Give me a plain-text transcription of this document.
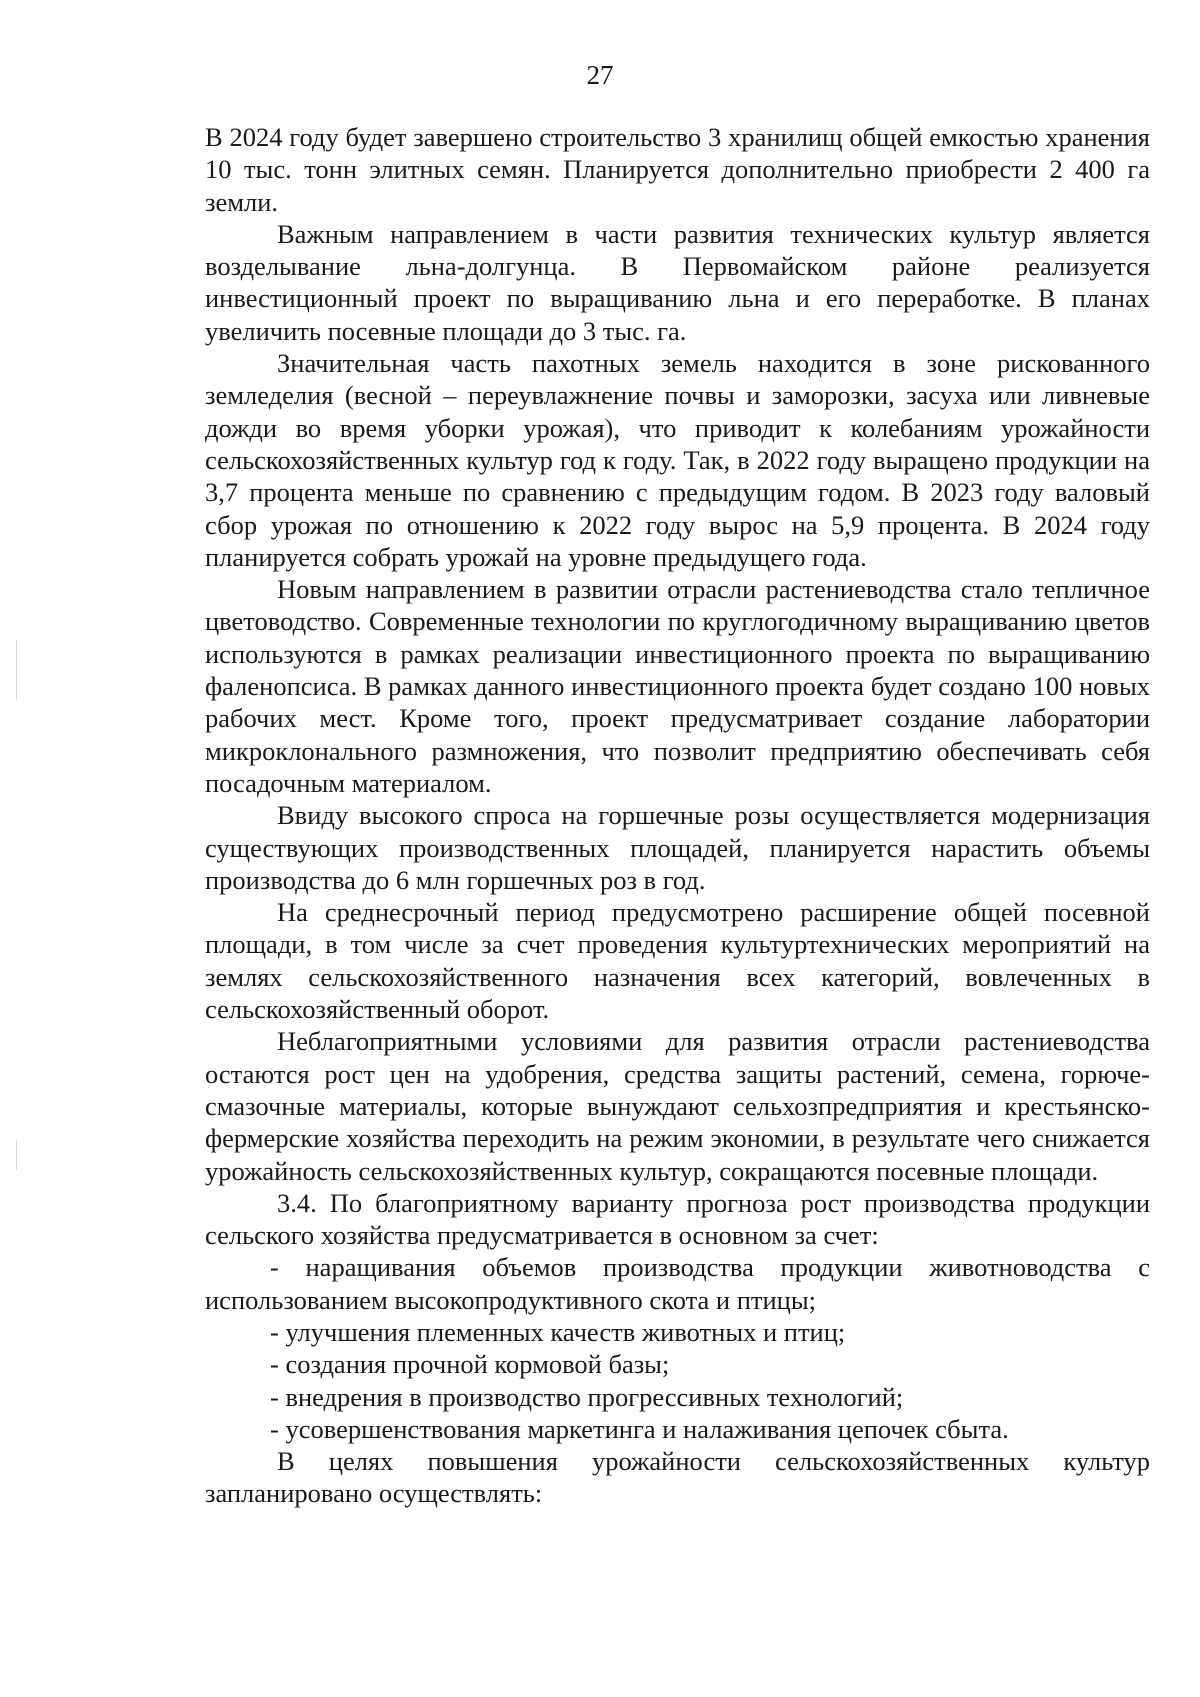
27

В 2024 году будет завершено строительство 3 хранилищ общей емкостью хранения 10 тыс. тонн элитных семян. Планируется дополнительно приобрести 2 400 га земли.

Важным направлением в части развития технических культур является возделывание льна-долгунца. В Первомайском районе реализуется инвестиционный проект по выращиванию льна и его переработке. В планах увеличить посевные площади до 3 тыс. га.

Значительная часть пахотных земель находится в зоне рискованного земледелия (весной – переувлажнение почвы и заморозки, засуха или ливневые дожди во время уборки урожая), что приводит к колебаниям урожайности сельскохозяйственных культур год к году. Так, в 2022 году выращено продукции на 3,7 процента меньше по сравнению с предыдущим годом. В 2023 году валовый сбор урожая по отношению к 2022 году вырос на 5,9 процента. В 2024 году планируется собрать урожай на уровне предыдущего года.

Новым направлением в развитии отрасли растениеводства стало тепличное цветоводство. Современные технологии по круглогодичному выращиванию цветов используются в рамках реализации инвестиционного проекта по выращиванию фаленопсиса. В рамках данного инвестиционного проекта будет создано 100 новых рабочих мест. Кроме того, проект предусматривает создание лаборатории микроклонального размножения, что позволит предприятию обеспечивать себя посадочным материалом.

Ввиду высокого спроса на горшечные розы осуществляется модернизация существующих производственных площадей, планируется нарастить объемы производства до 6 млн горшечных роз в год.

На среднесрочный период предусмотрено расширение общей посевной площади, в том числе за счет проведения культуртехнических мероприятий на землях сельскохозяйственного назначения всех категорий, вовлеченных в сельскохозяйственный оборот.

Неблагоприятными условиями для развития отрасли растениеводства остаются рост цен на удобрения, средства защиты растений, семена, горюче-смазочные материалы, которые вынуждают сельхозпредприятия и крестьянско-фермерские хозяйства переходить на режим экономии, в результате чего снижается урожайность сельскохозяйственных культур, сокращаются посевные площади.

3.4. По благоприятному варианту прогноза рост производства продукции сельского хозяйства предусматривается в основном за счет:

- наращивания объемов производства продукции животноводства с использованием высокопродуктивного скота и птицы;

- улучшения племенных качеств животных и птиц;

- создания прочной кормовой базы;

- внедрения в производство прогрессивных технологий;

- усовершенствования маркетинга и налаживания цепочек сбыта.

В целях повышения урожайности сельскохозяйственных культур запланировано осуществлять:
